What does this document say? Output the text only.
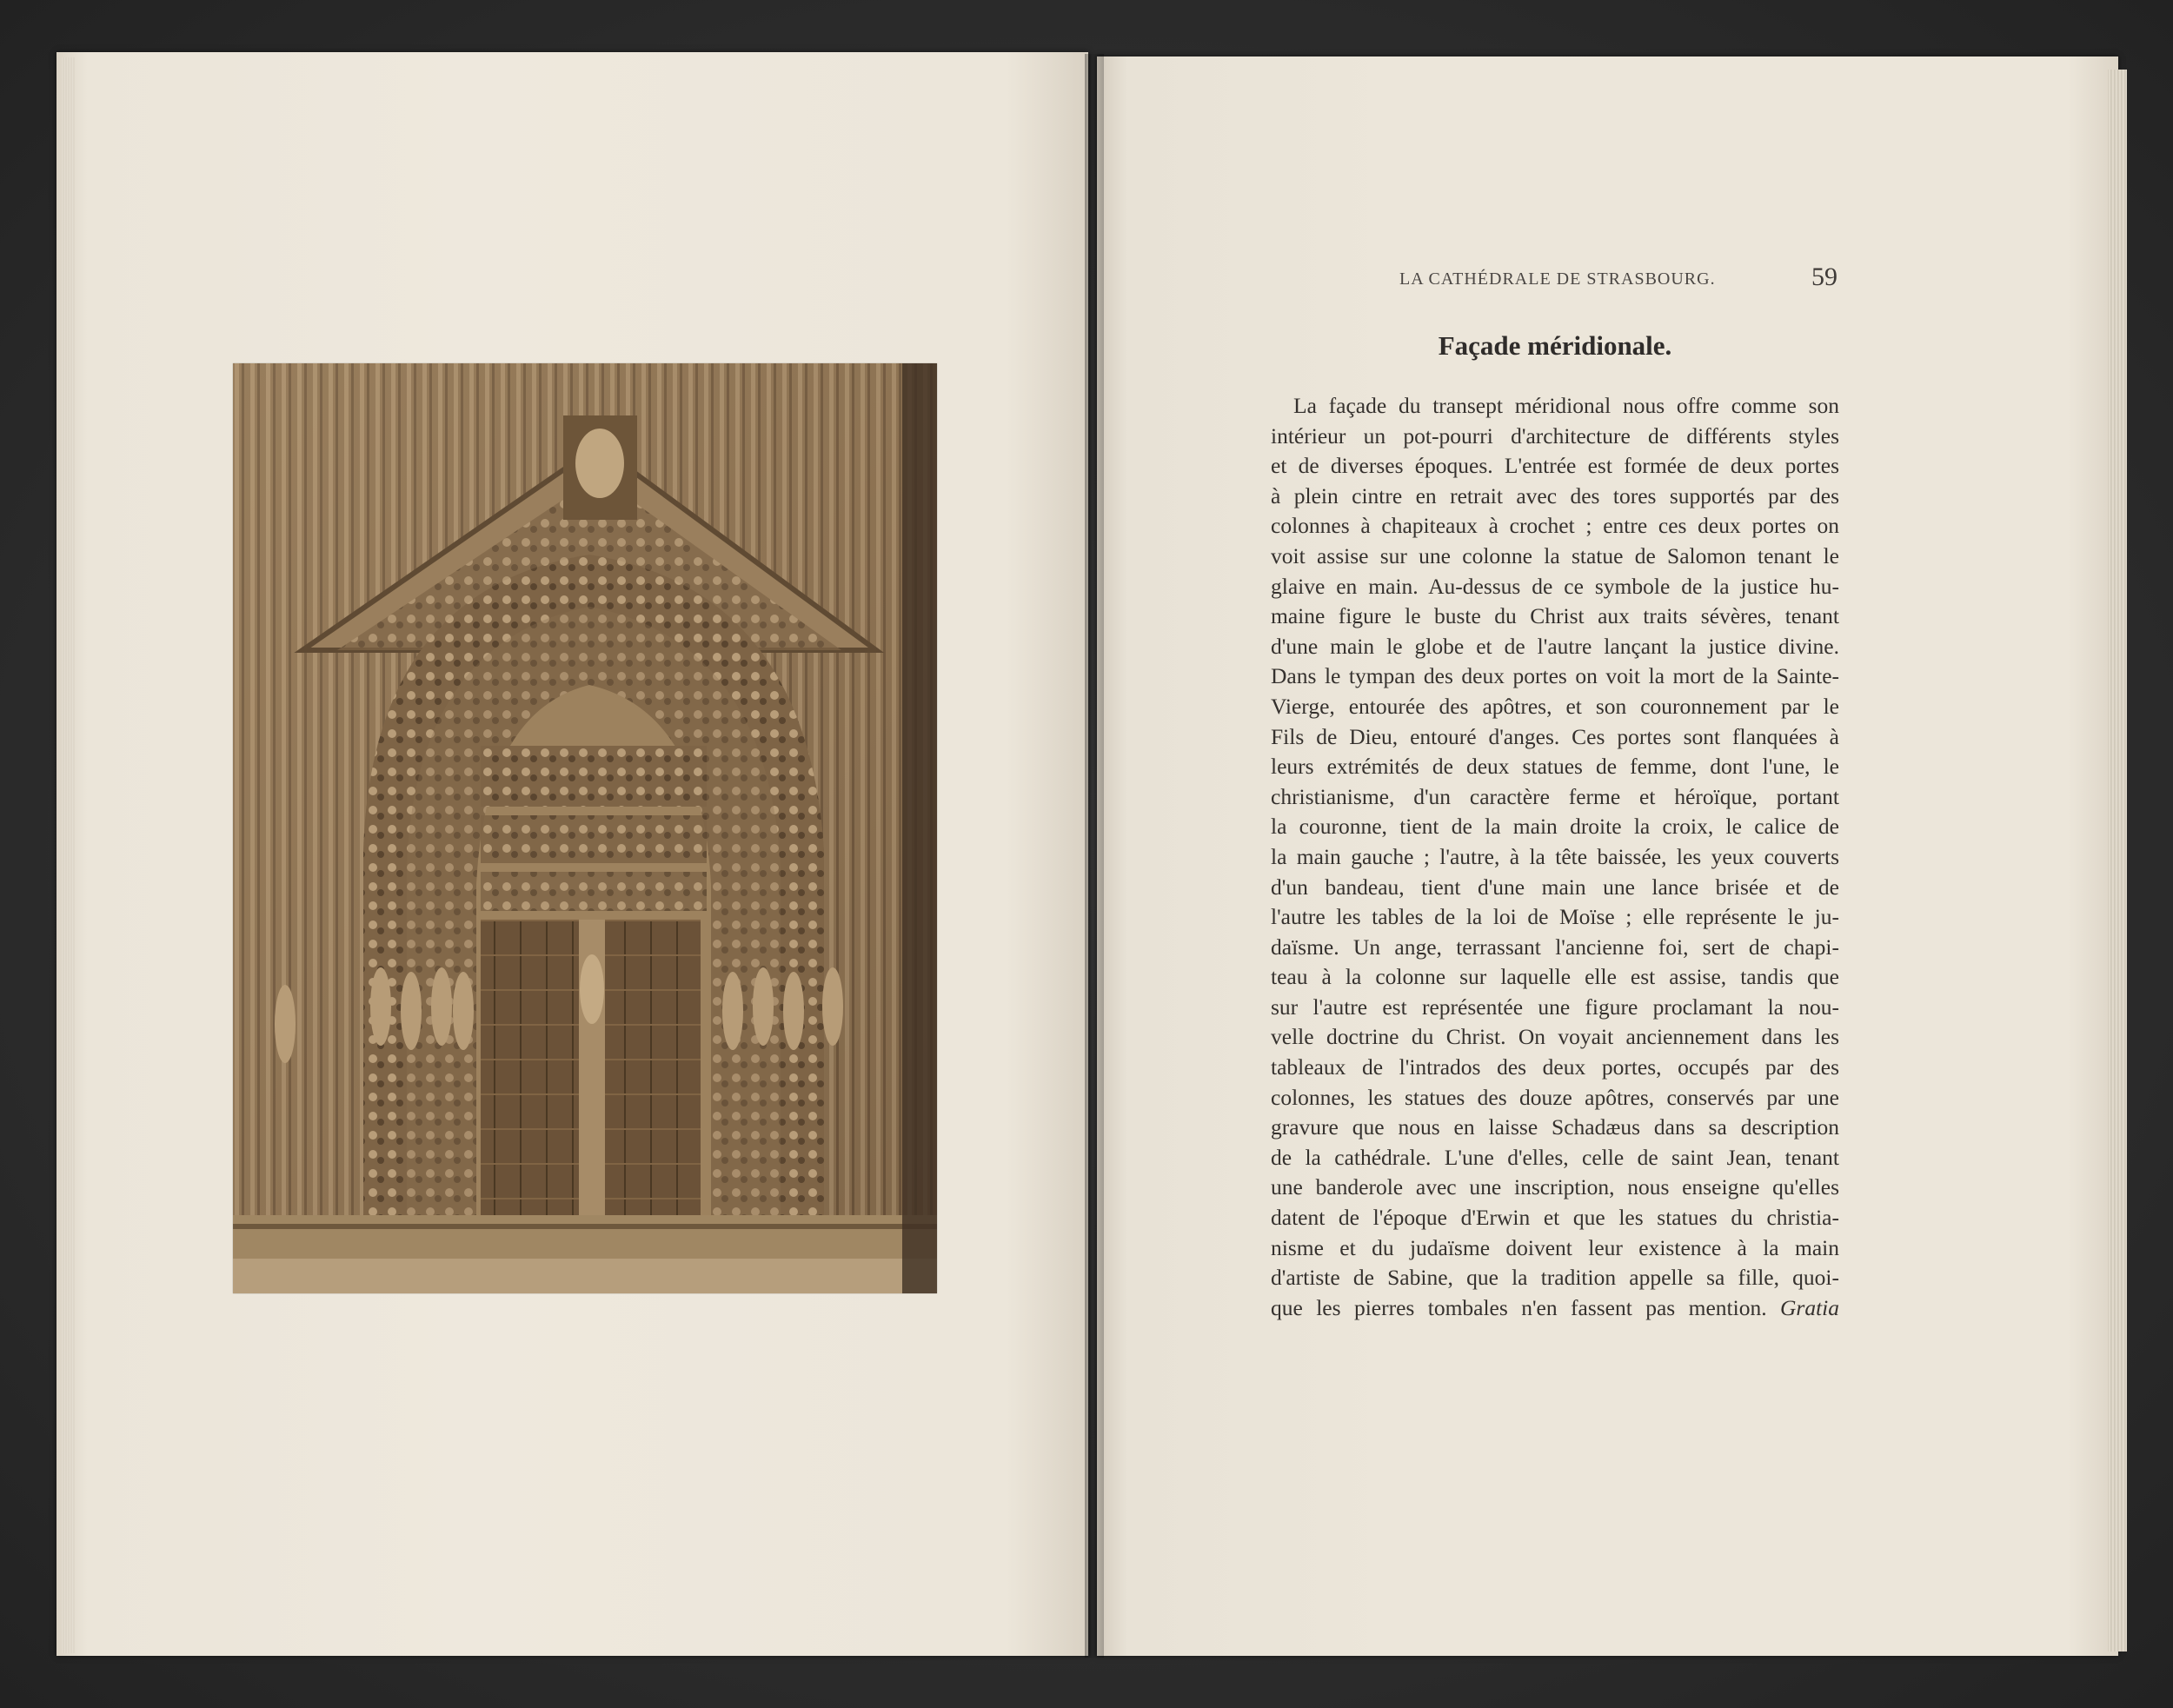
LA CATHÉDRALE DE STRASBOURG.	59
Façade méridionale.
La façade du transept méridional nous offre comme son
intérieur un pot-pourri d'architecture de différents styles
et de diverses époques. L'entrée est formée de deux portes
à plein cintre en retrait avec des tores supportés par des
colonnes à chapiteaux à crochet ; entre ces deux portes on
voit assise sur une colonne la statue de Salomon tenant le
glaive en main. Au-dessus de ce symbole de la justice hu-
maine figure le buste du Christ aux traits sévères, tenant
d'une main le globe et de l'autre lançant la justice divine.
Dans le tympan des deux portes on voit la mort de la Sainte-
Vierge, entourée des apôtres, et son couronnement par le
Fils de Dieu, entouré d'anges. Ces portes sont flanquées à
leurs extrémités de deux statues de femme, dont l'une, le
christianisme, d'un caractère ferme et héroïque, portant
la couronne, tient de la main droite la croix, le calice de
la main gauche ; l'autre, à la tête baissée, les yeux couverts
d'un bandeau, tient d'une main une lance brisée et de
l'autre les tables de la loi de Moïse ; elle représente le ju-
daïsme. Un ange, terrassant l'ancienne foi, sert de chapi-
teau à la colonne sur laquelle elle est assise, tandis que
sur l'autre est représentée une figure proclamant la nou-
velle doctrine du Christ. On voyait anciennement dans les
tableaux de l'intrados des deux portes, occupés par des
colonnes, les statues des douze apôtres, conservés par une
gravure que nous en laisse Schadæus dans sa description
de la cathédrale. L'une d'elles, celle de saint Jean, tenant
une banderole avec une inscription, nous enseigne qu'elles
datent de l'époque d'Erwin et que les statues du christia-
nisme et du judaïsme doivent leur existence à la main
d'artiste de Sabine, que la tradition appelle sa fille, quoi-
que les pierres tombales n'en fassent pas mention. Gratia
